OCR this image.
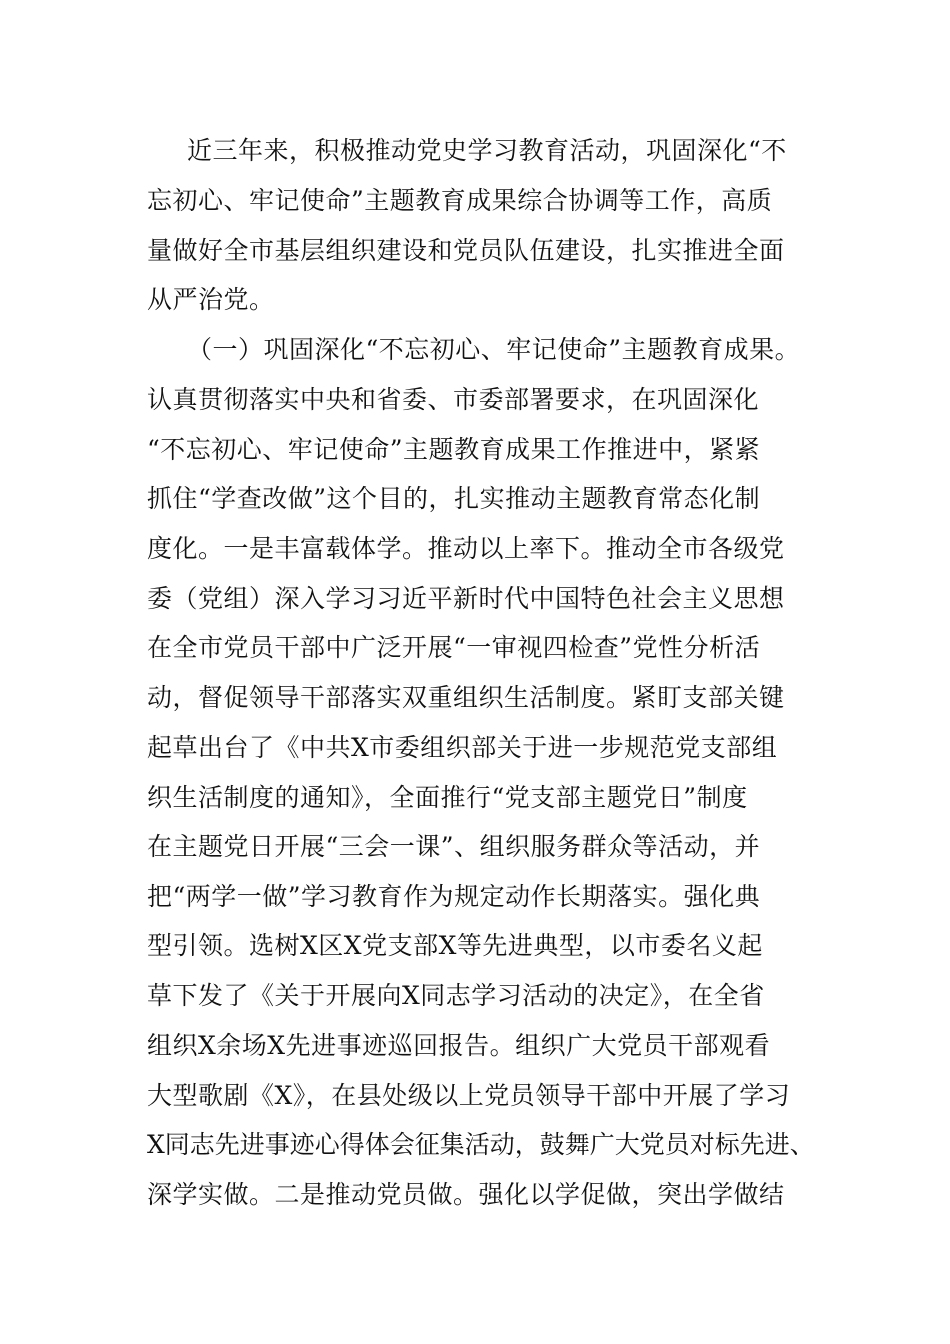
近三年来，积极推动党史学习教育活动，巩固深化“不
忘初心、牢记使命”主题教育成果综合协调等工作，高质
量做好全市基层组织建设和党员队伍建设，扎实推进全面
从严治党。
（一）巩固深化“不忘初心、牢记使命”主题教育成果。
认真贯彻落实中央和省委、市委部署要求，在巩固深化
“不忘初心、牢记使命”主题教育成果工作推进中，紧紧
抓住“学查改做”这个目的，扎实推动主题教育常态化制
度化。一是丰富载体学。推动以上率下。推动全市各级党
委（党组）深入学习习近平新时代中国特色社会主义思想
在全市党员干部中广泛开展“一审视四检查”党性分析活
动，督促领导干部落实双重组织生活制度。紧盯支部关键
起草出台了《中共X市委组织部关于进一步规范党支部组
织生活制度的通知》，全面推行“党支部主题党日”制度
在主题党日开展“三会一课”、组织服务群众等活动，并
把“两学一做”学习教育作为规定动作长期落实。强化典
型引领。选树X区X党支部X等先进典型，以市委名义起
草下发了《关于开展向X同志学习活动的决定》，在全省
组织X余场X先进事迹巡回报告。组织广大党员干部观看
大型歌剧《X》，在县处级以上党员领导干部中开展了学习
X同志先进事迹心得体会征集活动，鼓舞广大党员对标先进、
深学实做。二是推动党员做。强化以学促做，突出学做结
